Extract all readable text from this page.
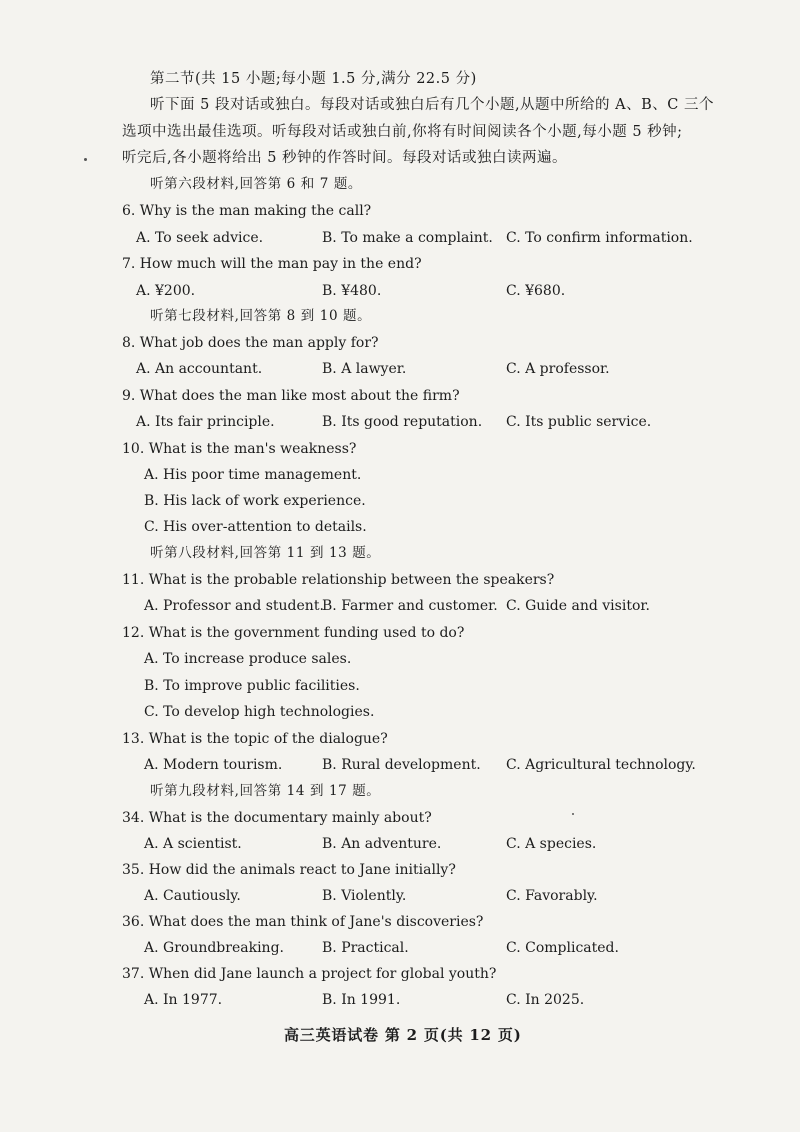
第二节(共 15 小题;每小题 1.5 分,满分 22.5 分)
听下面 5 段对话或独白。每段对话或独白后有几个小题,从题中所给的 A、B、C 三个
选项中选出最佳选项。听每段对话或独白前,你将有时间阅读各个小题,每小题 5 秒钟;
听完后,各小题将给出 5 秒钟的作答时间。每段对话或独白读两遍。
听第六段材料,回答第 6 和 7 题。
6. Why is the man making the call?
A. To seek advice.	B. To make a complaint. C. To confirm information.
7. How much will the man pay in the end?
A. ¥200.	B. ¥480.	C. ¥680.
听第七段材料,回答第 8 到 10 题。
8. What job does the man apply for?
A. An accountant.	B. A lawyer.	C. A professor.
9. What does the man like most about the firm?
A. Its fair principle.	B. Its good reputation. C. Its public service.
10. What is the man's weakness?
A. His poor time management.
B. His lack of work experience.
C. His over-attention to details.
听第八段材料,回答第 11 到 13 题。
11. What is the probable relationship between the speakers?
A. Professor and student.
B. Farmer and customer. C. Guide and visitor.
12. What is the government funding used to do?
A. To increase produce sales.
B. To improve public facilities.
C. To develop high technologies.
13. What is the topic of the dialogue?
A. Modern tourism.	B. Rural development. C. Agricultural technology.
听第九段材料,回答第 14 到 17 题。
34. What is the documentary mainly about?
A. A scientist.	B. An adventure.	C. A species.
35. How did the animals react to Jane initially?
A. Cautiously.	B. Violently.	C. Favorably.
36. What does the man think of Jane's discoveries?
A. Groundbreaking.	B. Practical.	C. Complicated.
37. When did Jane launch a project for global youth?
A. In 1977.	B. In 1991.	C. In 2025.
高三英语试卷 第 2 页(共 12 页)
